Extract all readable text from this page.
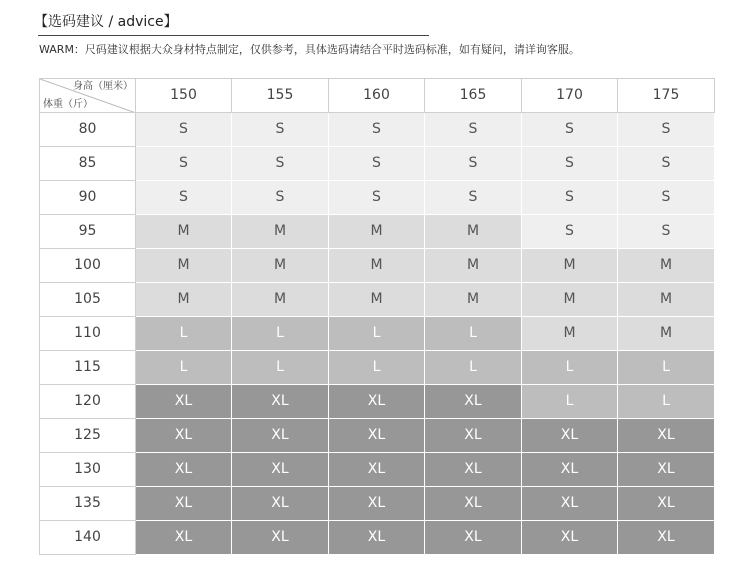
【选码建议 / advice】
WARM：尺码建议根据大众身材特点制定，仅供参考，具体选码请结合平时选码标准，如有疑问，请详询客服。
身高（厘米）
体重（斤）	150	155	160	165	170	175
80	S	S	S	S	S	S
85	S	S	S	S	S	S
90	S	S	S	S	S	S
95	M	M	M	M	S	S
100	M	M	M	M	M	M
105	M	M	M	M	M	M
110	L	L	L	L	M	M
115	L	L	L	L	L	L
120	XL	XL	XL	XL	L	L
125	XL	XL	XL	XL	XL	XL
130	XL	XL	XL	XL	XL	XL
135	XL	XL	XL	XL	XL	XL
140	XL	XL	XL	XL	XL	XL
